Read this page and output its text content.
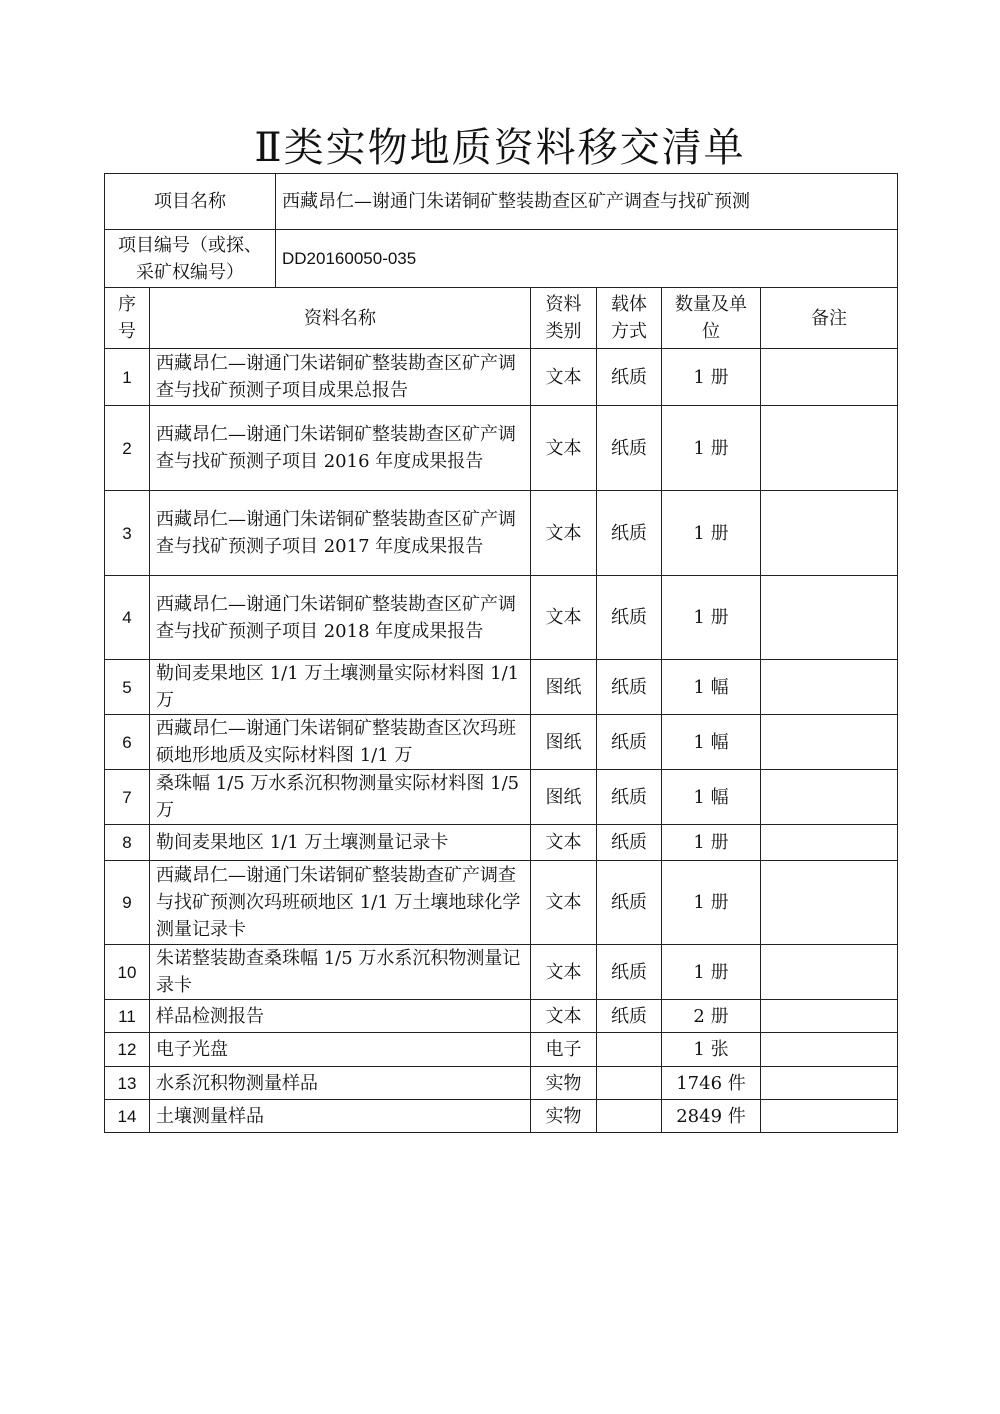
Ⅱ类实物地质资料移交清单
项目名称		西藏昂仁—谢通门朱诺铜矿整装勘查区矿产调查与找矿预测				
项目编号（或探、采矿权编号）		DD20160050-035				
序号	资料名称		资料类别	载体方式	数量及单位	备注
1	西藏昂仁—谢通门朱诺铜矿整装勘查区矿产调查与找矿预测子项目成果总报告		文本	纸质	1 册	
2	西藏昂仁—谢通门朱诺铜矿整装勘查区矿产调查与找矿预测子项目 2016 年度成果报告		文本	纸质	1 册	
3	西藏昂仁—谢通门朱诺铜矿整装勘查区矿产调查与找矿预测子项目 2017 年度成果报告		文本	纸质	1 册	
4	西藏昂仁—谢通门朱诺铜矿整装勘查区矿产调查与找矿预测子项目 2018 年度成果报告		文本	纸质	1 册	
5	勒间麦果地区 1/1 万土壤测量实际材料图 1/1 万		图纸	纸质	1 幅	
6	西藏昂仁—谢通门朱诺铜矿整装勘查区次玛班硕地形地质及实际材料图 1/1 万		图纸	纸质	1 幅	
7	桑珠幅 1/5 万水系沉积物测量实际材料图 1/5 万		图纸	纸质	1 幅	
8	勒间麦果地区 1/1 万土壤测量记录卡		文本	纸质	1 册	
9	西藏昂仁—谢通门朱诺铜矿整装勘查矿产调查与找矿预测次玛班硕地区 1/1 万土壤地球化学测量记录卡		文本	纸质	1 册	
10	朱诺整装勘查桑珠幅 1/5 万水系沉积物测量记录卡		文本	纸质	1 册	
11	样品检测报告		文本	纸质	2 册	
12	电子光盘		电子		1 张	
13	水系沉积物测量样品		实物		1746 件	
14	土壤测量样品		实物		2849 件	
